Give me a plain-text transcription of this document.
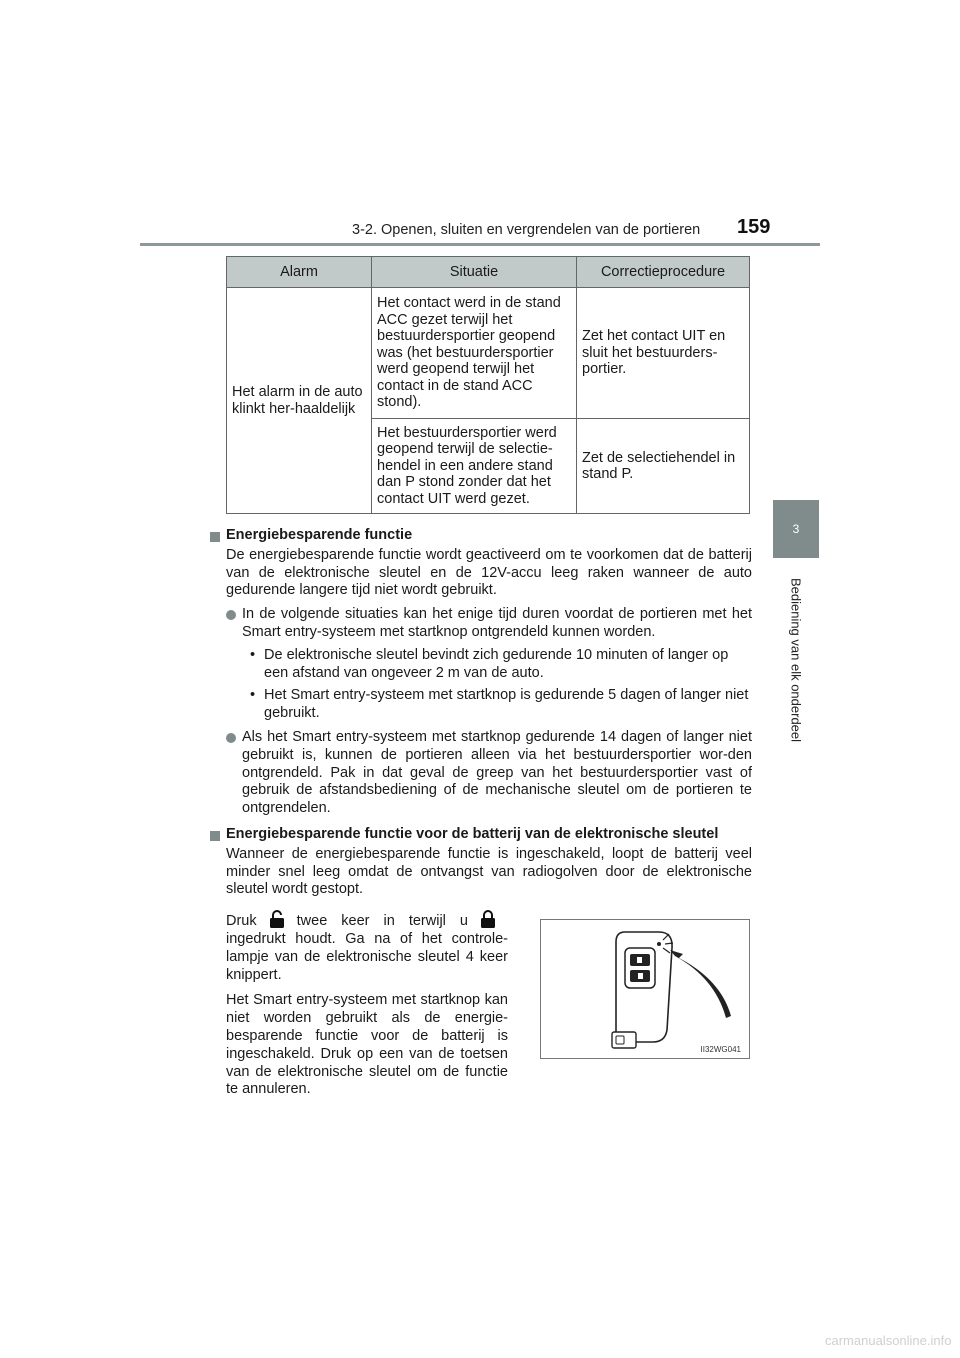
3-2. Openen, sluiten en vergrendelen van de portieren 159
3
Bediening van elk onderdeel
Alarm	Situatie	Correctieprocedure
Het alarm in de auto klinkt her-haaldelijk	Het contact werd in de stand ACC gezet terwijl het bestuurdersportier geopend was (het bestuurdersportier werd geopend terwijl het contact in de stand ACC stond).	Zet het contact UIT en sluit het bestuurders-portier.
	Het bestuurdersportier werd geopend terwijl de selectie-hendel in een andere stand dan P stond zonder dat het contact UIT werd gezet.	Zet de selectiehendel in stand P.
Energiebesparende functie

De energiebesparende functie wordt geactiveerd om te voorkomen dat de batterij van de elektronische sleutel en de 12V-accu leeg raken wanneer de auto gedurende langere tijd niet wordt gebruikt.

In de volgende situaties kan het enige tijd duren voordat de portieren met het Smart entry-systeem met startknop ontgrendeld kunnen worden.
• De elektronische sleutel bevindt zich gedurende 10 minuten of langer op een afstand van ongeveer 2 m van de auto.
• Het Smart entry-systeem met startknop is gedurende 5 dagen of langer niet gebruikt.
Als het Smart entry-systeem met startknop gedurende 14 dagen of langer niet gebruikt is, kunnen de portieren alleen via het bestuurdersportier wor-den ontgrendeld. Pak in dat geval de greep van het bestuurdersportier vast of gebruik de afstandsbediening of de mechanische sleutel om de portieren te ontgrendelen.
Energiebesparende functie voor de batterij van de elektronische sleutel

Wanneer de energiebesparende functie is ingeschakeld, loopt de batterij veel minder snel leeg omdat de ontvangst van radiogolven door de elektronische sleutel wordt gestopt.

Druk	twee keer in terwijl uingedrukt houdt. Ga na of het controle-lampje van de elektronische sleutel 4 keer knippert.

Het Smart entry-systeem met startknop kan niet worden gebruikt als de energie-besparende functie voor de batterij is ingeschakeld. Druk op een van de toetsen van de elektronische sleutel om de functie te annuleren.

II32WG041
carmanualsonline.info
